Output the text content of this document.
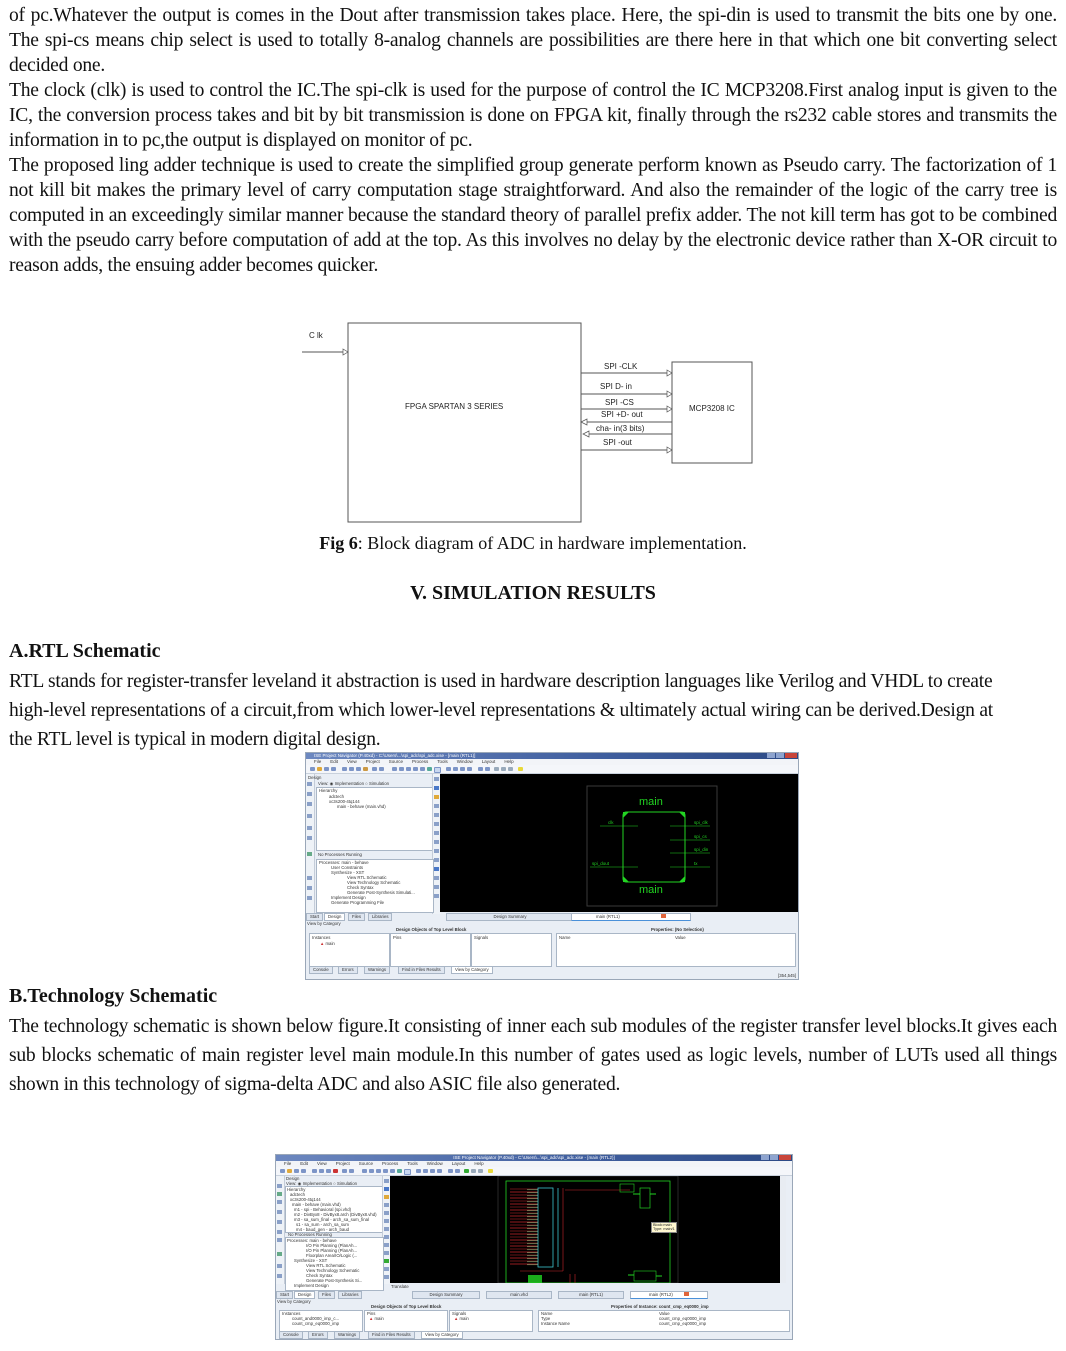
of pc.Whatever the output is comes in the Dout after transmission takes place. Here, the spi-din is used to transmit the bits one by one. The spi-cs means chip select is used to totally 8-analog channels are possibilities are there here in that which one bit converting select decided one.

The clock (clk) is used to control the IC.The spi-clk is used for the purpose of control the IC MCP3208.First analog input is given to the IC, the conversion process takes and bit by bit transmission is done on FPGA kit, finally through the rs232 cable stores and transmits the information in to pc,the output is displayed on monitor of pc.

The proposed ling adder technique is used to create the simplified group generate perform known as Pseudo carry. The factorization of 1 not kill bit makes the primary level of carry computation stage straightforward. And also the remainder of the logic of the carry tree is computed in an exceedingly similar manner because the standard theory of parallel prefix adder. The not kill term has got to be combined with the pseudo carry before computation of add at the top. As this involves no delay by the electronic device rather than X-OR circuit to reason adds, the ensuing adder becomes quicker.

C lk
FPGA SPARTAN 3 SERIES	MCP3208 IC
SPI -CLK
SPI D- in
SPI -CS
SPI +D- out
cha- in(3 bits)
SPI -out
Fig 6: Block diagram of ADC in hardware implementation.
V. SIMULATION RESULTS
A.RTL Schematic

RTL stands for register-transfer leveland it abstraction is used in hardware description languages like Verilog and VHDL to create high-level representations of a circuit,from which lower-level representations & ultimately actual wiring can be derived.Design at the RTL level is typical in modern digital design.

ISE Project Navigator (P.40xd) - C:\Users\...\spi_adc\spi_adc.xise - [main (RTL1)]
File Edit View Project Source Process Tools Window Layout Help
Design
View: ◉ Implementation ○ Simulation
Hierarchy
adctech
xc3s200-4tq144
main - behave (main.vhd)
No Processes Running
Processes: main - behave
User Constraints
Synthesize - XST
View RTL Schematic
View Technology Schematic
Check Syntax
Generate Post-Synthesis Simulati...
Implement Design
Generate Programming File
Start	Design	Files	Libraries
main
main
clk
spi_dout
spi_clk
spi_cs
spi_din
tx
Design Summary	main (RTL1)
View by Category
Design Objects of Top Level Block	Properties: (No Selection)
Instances
▲ main
Pins	Signals	Name	Value
Console	Errors	Warnings	Find in Files Results	View by Category
[354,545]
B.Technology Schematic

The technology schematic is shown below figure.It consisting of inner each sub modules of the register transfer level blocks.It gives each sub blocks schematic of main register level main module.In this number of gates used as logic levels, number of LUTs used all things shown in this technology of sigma-delta ADC and also ASIC file also generated.

ISE Project Navigator (P.40xd) - C:\Users\...\spi_adc\spi_adc.xise - [main (RTL2)]
File Edit View Project Source Process Tools Window Layout Help
Design
View: ◉ Implementation ○ Simulation
Hierarchy
adctech
xc3s200-4tq144
main - behave (main.vhd)
m1 - spi - Behavioral (spi.vhd)
m2 - DivByx8 - DivByx8.arch (DivByx8.vhd)
m3 - sa_sum_final - arch_sa_sum_final
s1 - sa_sum - arch_sa_sum
m4 - baud_gen - arch_baud
No Processes Running
Processes: main - behave
I/O Pin Planning (PlanAh...
I/O Pin Planning (PlanAh...
Floorplan Area/IO/Logic (...
Synthesize - XST
View RTL Schematic
View Technology Schematic
Check Syntax
Generate Post-Synthesis Si...
Implement Design	Translate
Start	Design	Files	Libraries
Block:main
Type: main/1
Design Summary	main.vhd	main (RTL1)	main (RTL2)
View by Category
Design Objects of Top Level Block	Properties of Instance: count_cmp_eq0000_imp
Instances
count_and0000_imp_c...
count_cmp_eq0000_imp
Pins
▲ main
Signals
▲ main
Name	Value
Type	count_cmp_eq0000_imp
Instance Name	count_cmp_eq0000_imp
Console	Errors	Warnings	Find in Files Results	View by Category
